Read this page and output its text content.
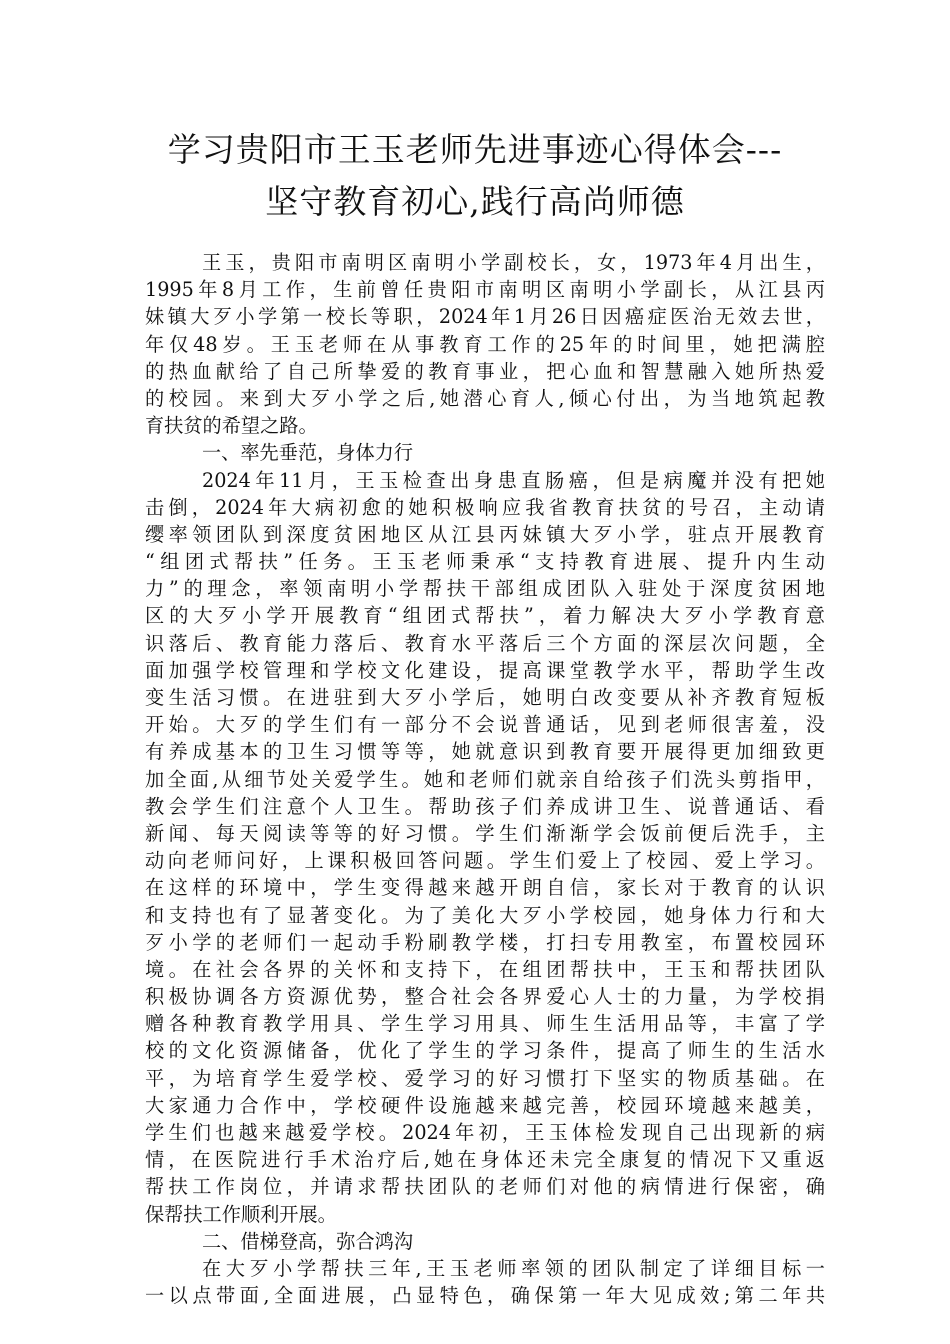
学习贵阳市王玉老师先进事迹心得体会---
坚守教育初心,践行高尚师德
王玉，贵阳市南明区南明小学副校长，女，1973年4月出生，
1995年8月工作，生前曾任贵阳市南明区南明小学副长，从江县丙
妹镇大歹小学第一校长等职，2024年1月26日因癌症医治无效去世，
年仅48岁。王玉老师在从事教育工作的25年的时间里，她把满腔
的热血献给了自己所挚爱的教育事业，把心血和智慧融入她所热爱
的校园。来到大歹小学之后,她潜心育人,倾心付出，为当地筑起教
育扶贫的希望之路。
一、率先垂范，身体力行
2024年11月，王玉检查出身患直肠癌，但是病魔并没有把她
击倒，2024年大病初愈的她积极响应我省教育扶贫的号召，主动请
缨率领团队到深度贫困地区从江县丙妹镇大歹小学，驻点开展教育
“组团式帮扶”任务。王玉老师秉承“支持教育进展、提升内生动
力”的理念，率领南明小学帮扶干部组成团队入驻处于深度贫困地
区的大歹小学开展教育“组团式帮扶”，着力解决大歹小学教育意
识落后、教育能力落后、教育水平落后三个方面的深层次问题，全
面加强学校管理和学校文化建设，提高课堂教学水平，帮助学生改
变生活习惯。在进驻到大歹小学后，她明白改变要从补齐教育短板
开始。大歹的学生们有一部分不会说普通话，见到老师很害羞，没
有养成基本的卫生习惯等等，她就意识到教育要开展得更加细致更
加全面,从细节处关爱学生。她和老师们就亲自给孩子们洗头剪指甲，
教会学生们注意个人卫生。帮助孩子们养成讲卫生、说普通话、看
新闻、每天阅读等等的好习惯。学生们渐渐学会饭前便后洗手，主
动向老师问好，上课积极回答问题。学生们爱上了校园、爱上学习。
在这样的环境中，学生变得越来越开朗自信，家长对于教育的认识
和支持也有了显著变化。为了美化大歹小学校园，她身体力行和大
歹小学的老师们一起动手粉刷教学楼，打扫专用教室，布置校园环
境。在社会各界的关怀和支持下，在组团帮扶中，王玉和帮扶团队
积极协调各方资源优势，整合社会各界爱心人士的力量，为学校捐
赠各种教育教学用具、学生学习用具、师生生活用品等，丰富了学
校的文化资源储备，优化了学生的学习条件，提高了师生的生活水
平，为培育学生爱学校、爱学习的好习惯打下坚实的物质基础。在
大家通力合作中，学校硬件设施越来越完善，校园环境越来越美，
学生们也越来越爱学校。2024年初，王玉体检发现自己出现新的病
情，在医院进行手术治疗后,她在身体还未完全康复的情况下又重返
帮扶工作岗位，并请求帮扶团队的老师们对他的病情进行保密，确
保帮扶工作顺利开展。
二、借梯登高，弥合鸿沟
在大歹小学帮扶三年,王玉老师率领的团队制定了详细目标一
一以点带面,全面进展，凸显特色，确保第一年大见成效;第二年共
